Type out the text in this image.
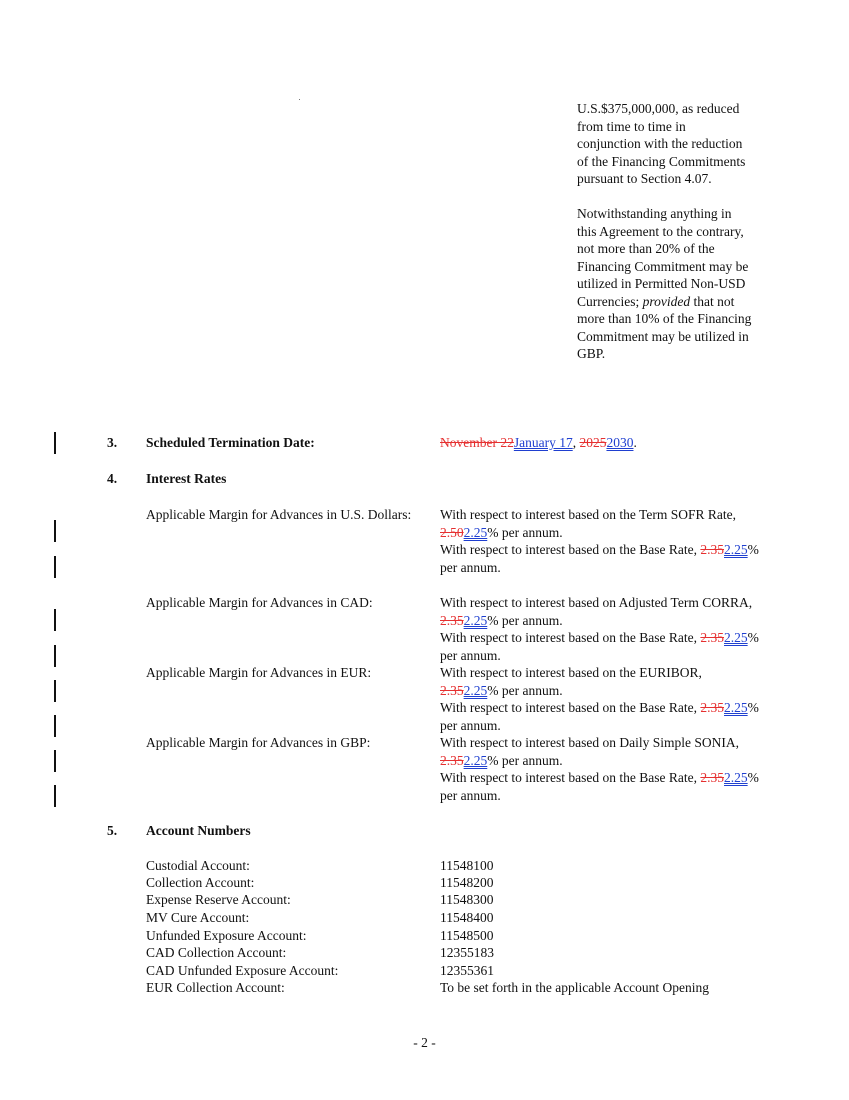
U.S.$375,000,000, as reduced from time to time in conjunction with the reduction of the Financing Commitments pursuant to Section 4.07.

Notwithstanding anything in this Agreement to the contrary, not more than 20% of the Financing Commitment may be utilized in Permitted Non-USD Currencies; provided that not more than 10% of the Financing Commitment may be utilized in GBP.

3. Scheduled Termination Date:	November 22January 17, 20252030.
4. Interest Rates
Applicable Margin for Advances in U.S. Dollars:	With respect to interest based on the Term SOFR Rate, 2.502.25% per annum.
With respect to interest based on the Base Rate, 2.352.25% per annum.
Applicable Margin for Advances in CAD:	With respect to interest based on Adjusted Term CORRA, 2.352.25% per annum.
With respect to interest based on the Base Rate, 2.352.25% per annum.
Applicable Margin for Advances in EUR:	With respect to interest based on the EURIBOR, 2.352.25% per annum.
With respect to interest based on the Base Rate, 2.352.25% per annum.
Applicable Margin for Advances in GBP:	With respect to interest based on Daily Simple SONIA, 2.352.25% per annum.
With respect to interest based on the Base Rate, 2.352.25% per annum.
5. Account Numbers
Custodial Account:	11548100
Collection Account:	11548200
Expense Reserve Account:	11548300
MV Cure Account:	11548400
Unfunded Exposure Account:	11548500
CAD Collection Account:	12355183
CAD Unfunded Exposure Account:	12355361
EUR Collection Account:	To be set forth in the applicable Account Opening
- 2 -
